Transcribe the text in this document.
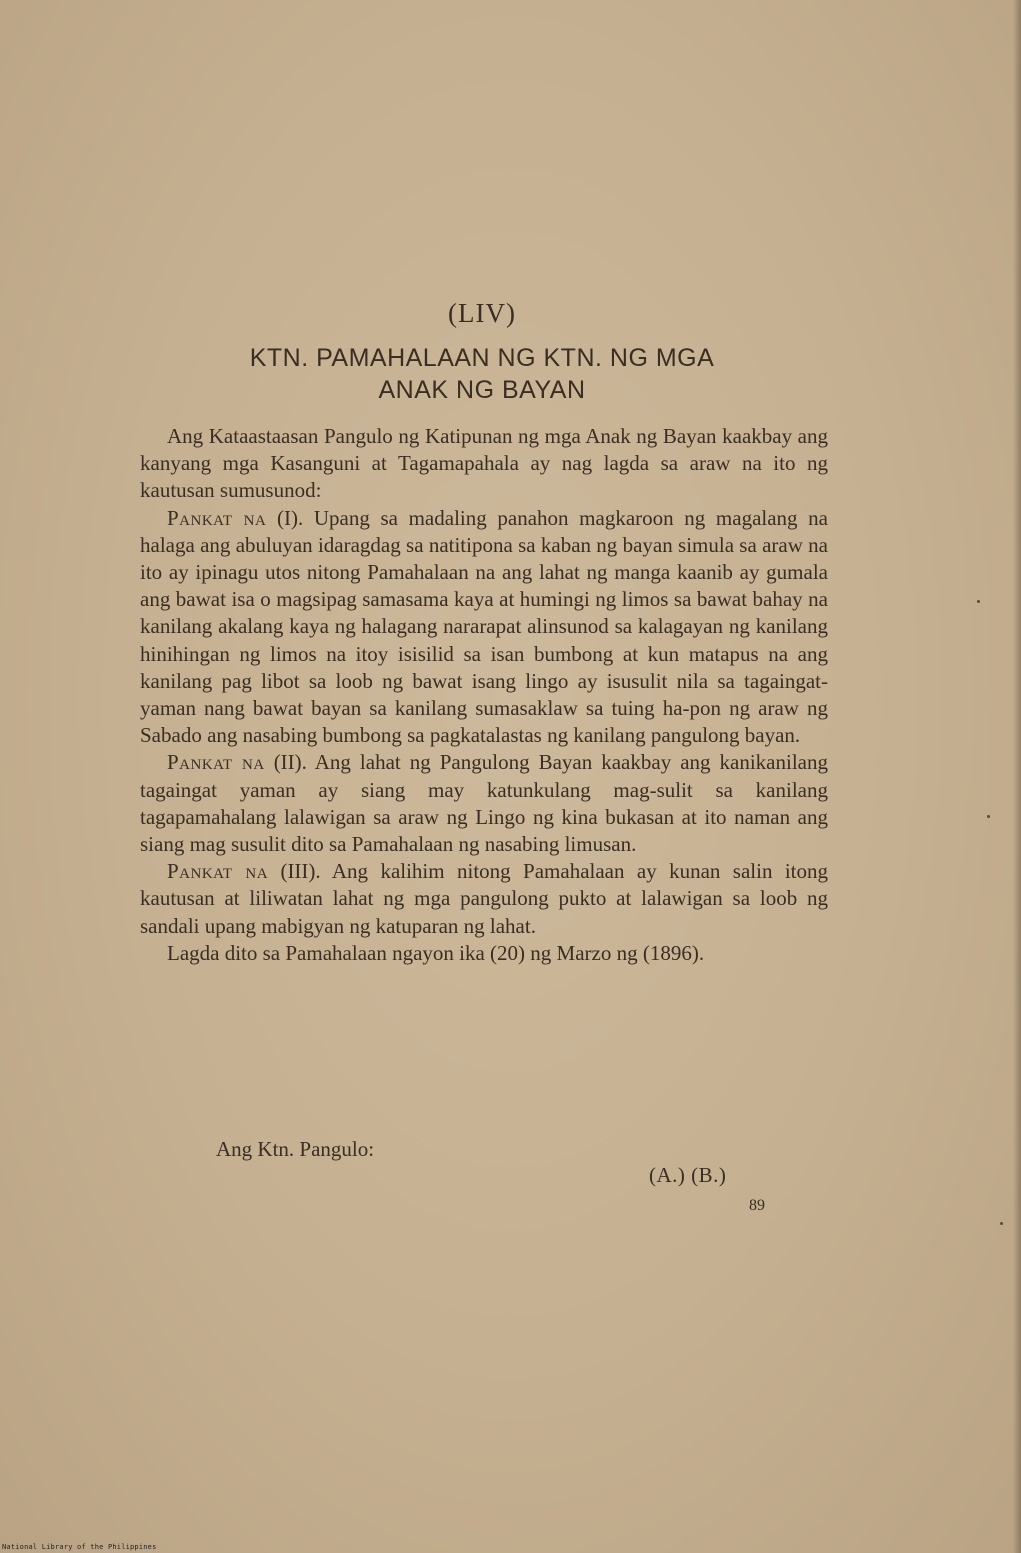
(LIV)
KTN. PAMAHALAAN NG KTN. NG MGA
ANAK NG BAYAN

Ang Kataastaasan Pangulo ng Katipunan ng mga Anak ng Bayan kaakbay ang kanyang mga Kasanguni at Tagamapahala ay nag lagda sa araw na ito ng kautusan sumusunod:

Pankat na (I). Upang sa madaling panahon magkaroon ng magalang na halaga ang abuluyan idaragdag sa natitipona sa kaban ng bayan simula sa araw na ito ay ipinagu utos nitong Pamahalaan na ang lahat ng manga kaanib ay gumala ang bawat isa o magsipag samasama kaya at humingi ng limos sa bawat bahay na kanilang akalang kaya ng halagang nararapat alinsunod sa kalagayan ng kanilang hinihingan ng limos na itoy isisilid sa isan bumbong at kun matapus na ang kanilang pag libot sa loob ng bawat isang lingo ay isusulit nila sa tagaingat-yaman nang bawat bayan sa kanilang sumasaklaw sa tuing ha-pon ng araw ng Sabado ang nasabing bumbong sa pagkatalastas ng kanilang pangulong bayan.

Pankat na (II). Ang lahat ng Pangulong Bayan kaakbay ang kanikanilang tagaingat yaman ay siang may katunkulang mag-sulit sa kanilang tagapamahalang lalawigan sa araw ng Lingo ng kina bukasan at ito naman ang siang mag susulit dito sa Pamahalaan ng nasabing limusan.

Pankat na (III). Ang kalihim nitong Pamahalaan ay kunan salin itong kautusan at liliwatan lahat ng mga pangulong pukto at lalawigan sa loob ng sandali upang mabigyan ng katuparan ng lahat.

Lagda dito sa Pamahalaan ngayon ika (20) ng Marzo ng (1896).

Ang Ktn. Pangulo:
(A.) (B.)
89
National Library of the Philippines
